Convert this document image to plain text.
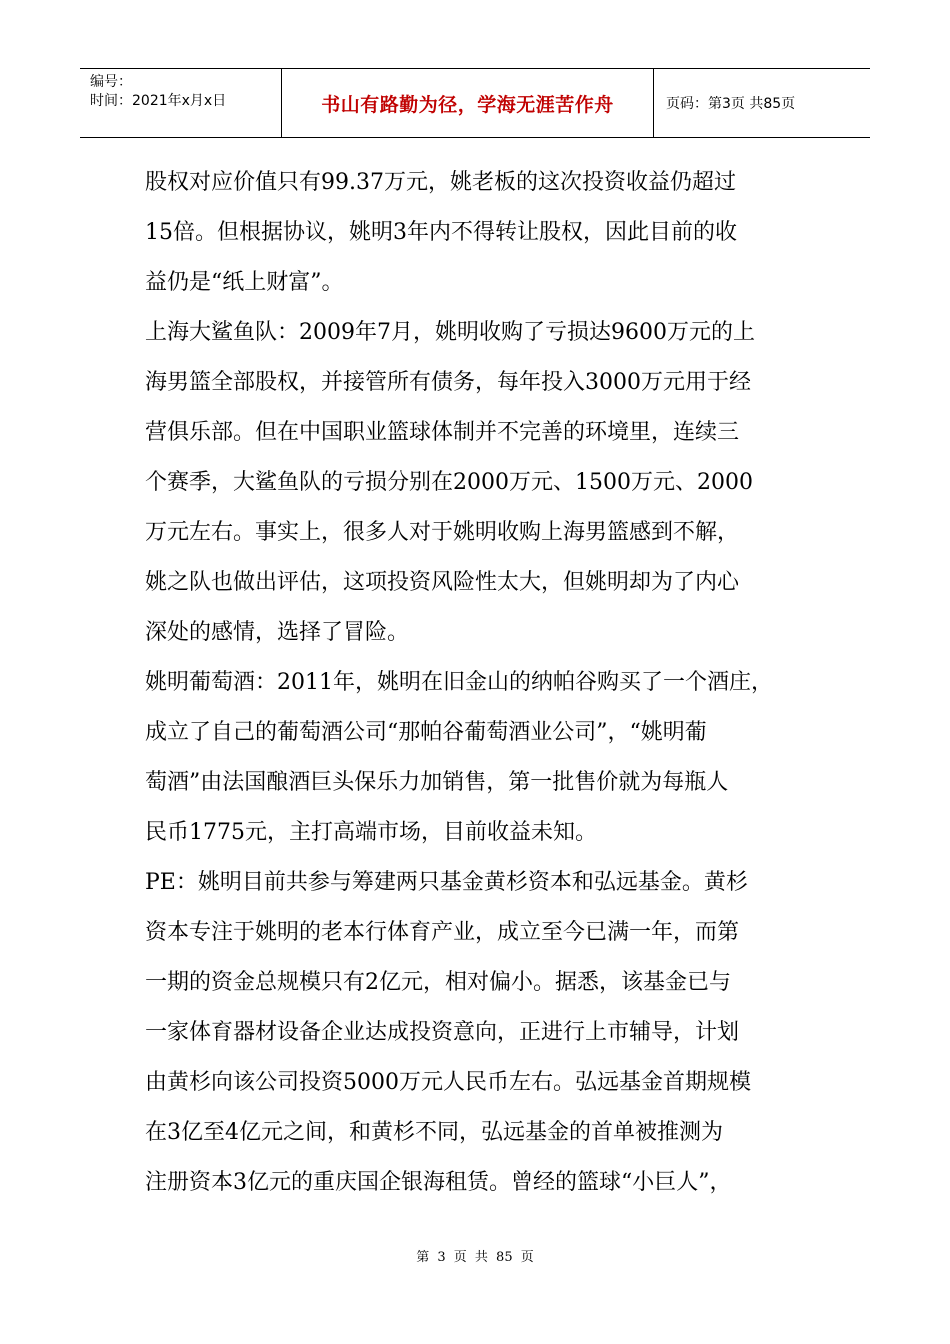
编号：
时间：2021年x月x日	书山有路勤为径，学海无涯苦作舟	页码：第3页 共85页
股权对应价值只有99.37万元，姚老板的这次投资收益仍超过
15倍。但根据协议，姚明3年内不得转让股权，因此目前的收
益仍是“纸上财富”。
上海大鲨鱼队：2009年7月，姚明收购了亏损达9600万元的上
海男篮全部股权，并接管所有债务，每年投入3000万元用于经
营俱乐部。但在中国职业篮球体制并不完善的环境里，连续三
个赛季，大鲨鱼队的亏损分别在2000万元、1500万元、2000
万元左右。事实上，很多人对于姚明收购上海男篮感到不解，
姚之队也做出评估，这项投资风险性太大，但姚明却为了内心
深处的感情，选择了冒险。
姚明葡萄酒：2011年，姚明在旧金山的纳帕谷购买了一个酒庄，
成立了自己的葡萄酒公司“那帕谷葡萄酒业公司”，“姚明葡
萄酒”由法国酿酒巨头保乐力加销售，第一批售价就为每瓶人
民币1775元，主打高端市场，目前收益未知。
PE：姚明目前共参与筹建两只基金黄杉资本和弘远基金。黄杉
资本专注于姚明的老本行体育产业，成立至今已满一年，而第
一期的资金总规模只有2亿元，相对偏小。据悉，该基金已与
一家体育器材设备企业达成投资意向，正进行上市辅导，计划
由黄杉向该公司投资5000万元人民币左右。弘远基金首期规模
在3亿至4亿元之间，和黄杉不同，弘远基金的首单被推测为
注册资本3亿元的重庆国企银海租赁。曾经的篮球“小巨人”，
第 3 页 共 85 页
